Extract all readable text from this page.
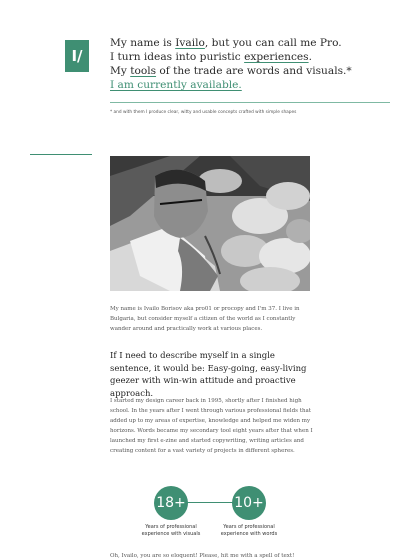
I/

My name is Ivailo, but you can call me Pro.

I turn ideas into puristic experiences.

My tools of the trade are words and visuals.*

I am currently available.

* and with them I produce clear, witty and usable concepts crafted with simple shapes
My name is Ivailo Borisov aka pro01 or procopy and I'm 37. I live in Bulgaria, but consider myself a citizen of the world as I constantly wander around and practically work at various places.
If I need to describe myself in a single sentence, it would be: Easy-going, easy-living geezer with win-win attitude and proactive approach.
I started my design career back in 1995, shortly after I finished high school. In the years after I went through various professional fields that added up to my areas of expertise, knowledge and helped me widen my horizons. Words became my secondary tool eight years after that when I launched my first e-zine and started copywriting, writing articles and creating content for a vast variety of projects in different spheres.
18+	10+
Years of professional
experience with visuals
Years of professional
experience with words
Oh, Ivailo, you are so eloquent! Please, hit me with a spell of text!
